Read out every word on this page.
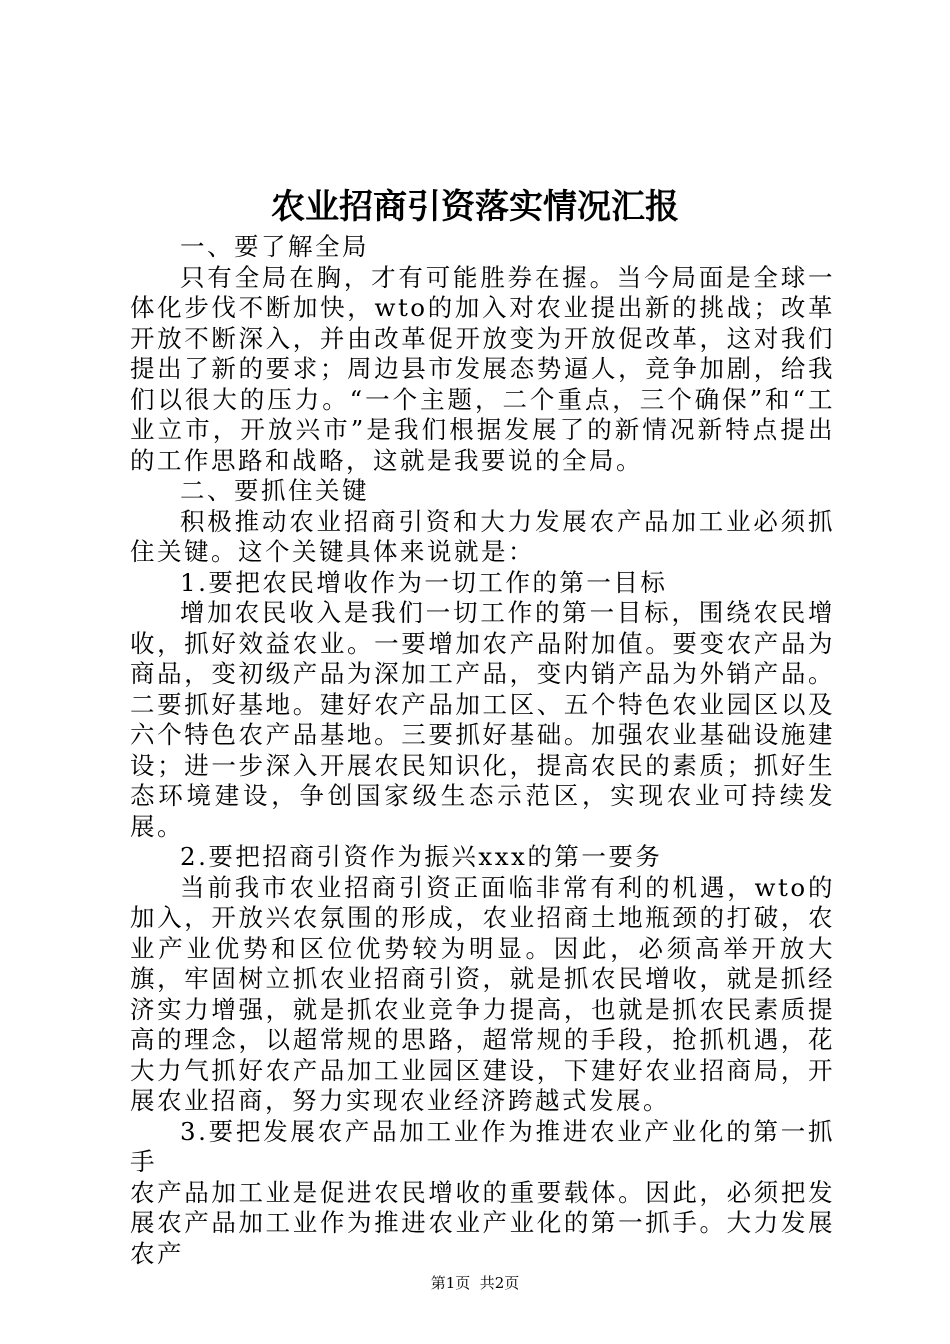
农业招商引资落实情况汇报

一、要了解全局

只有全局在胸，才有可能胜券在握。当今局面是全球一体化步伐不断加快，wto的加入对农业提出新的挑战；改革开放不断深入，并由改革促开放变为开放促改革，这对我们提出了新的要求；周边县市发展态势逼人，竞争加剧，给我们以很大的压力。“一个主题，二个重点，三个确保”和“工业立市，开放兴市”是我们根据发展了的新情况新特点提出的工作思路和战略，这就是我要说的全局。

二、要抓住关键

积极推动农业招商引资和大力发展农产品加工业必须抓住关键。这个关键具体来说就是：

1.要把农民增收作为一切工作的第一目标

增加农民收入是我们一切工作的第一目标，围绕农民增收，抓好效益农业。一要增加农产品附加值。要变农产品为商品，变初级产品为深加工产品，变内销产品为外销产品。二要抓好基地。建好农产品加工区、五个特色农业园区以及六个特色农产品基地。三要抓好基础。加强农业基础设施建设；进一步深入开展农民知识化，提高农民的素质；抓好生态环境建设，争创国家级生态示范区，实现农业可持续发展。

2.要把招商引资作为振兴xxx的第一要务

当前我市农业招商引资正面临非常有利的机遇，wto的加入，开放兴农氛围的形成，农业招商土地瓶颈的打破，农业产业优势和区位优势较为明显。因此，必须高举开放大旗，牢固树立抓农业招商引资，就是抓农民增收，就是抓经济实力增强，就是抓农业竞争力提高，也就是抓农民素质提高的理念，以超常规的思路，超常规的手段，抢抓机遇，花大力气抓好农产品加工业园区建设，下建好农业招商局，开展农业招商，努力实现农业经济跨越式发展。

3.要把发展农产品加工业作为推进农业产业化的第一抓手

农产品加工业是促进农民增收的重要载体。因此，必须把发展农产品加工业作为推进农业产业化的第一抓手。大力发展农产

第1页  共2页
